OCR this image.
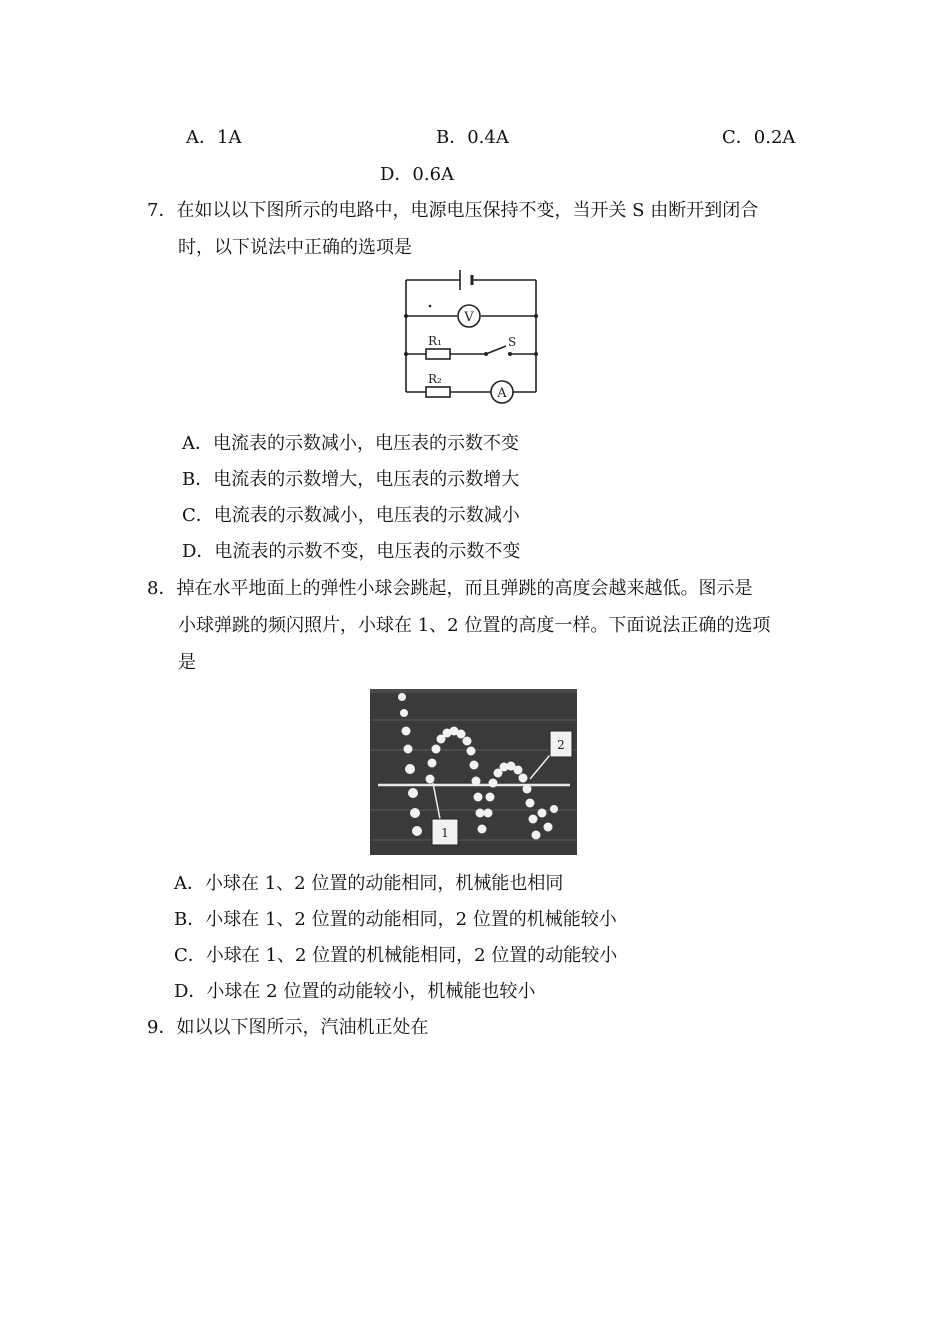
A．1A	B．0.4A	C．0.2A
D．0.6A
7．在如以以下图所示的电路中，电源电压保持不变，当开关 S 由断开到闭合
时，以下说法中正确的选项是
V
A
R₁
R₂
S
A．电流表的示数减小，电压表的示数不变
B．电流表的示数增大，电压表的示数增大
C．电流表的示数减小，电压表的示数减小
D．电流表的示数不变，电压表的示数不变
8．掉在水平地面上的弹性小球会跳起，而且弹跳的高度会越来越低。图示是
小球弹跳的频闪照片，小球在 1、2 位置的高度一样。下面说法正确的选项
是
1
2
A．小球在 1、2 位置的动能相同，机械能也相同
B．小球在 1、2 位置的动能相同，2 位置的机械能较小
C．小球在 1、2 位置的机械能相同，2 位置的动能较小
D．小球在 2 位置的动能较小，机械能也较小
9．如以以下图所示，汽油机正处在
